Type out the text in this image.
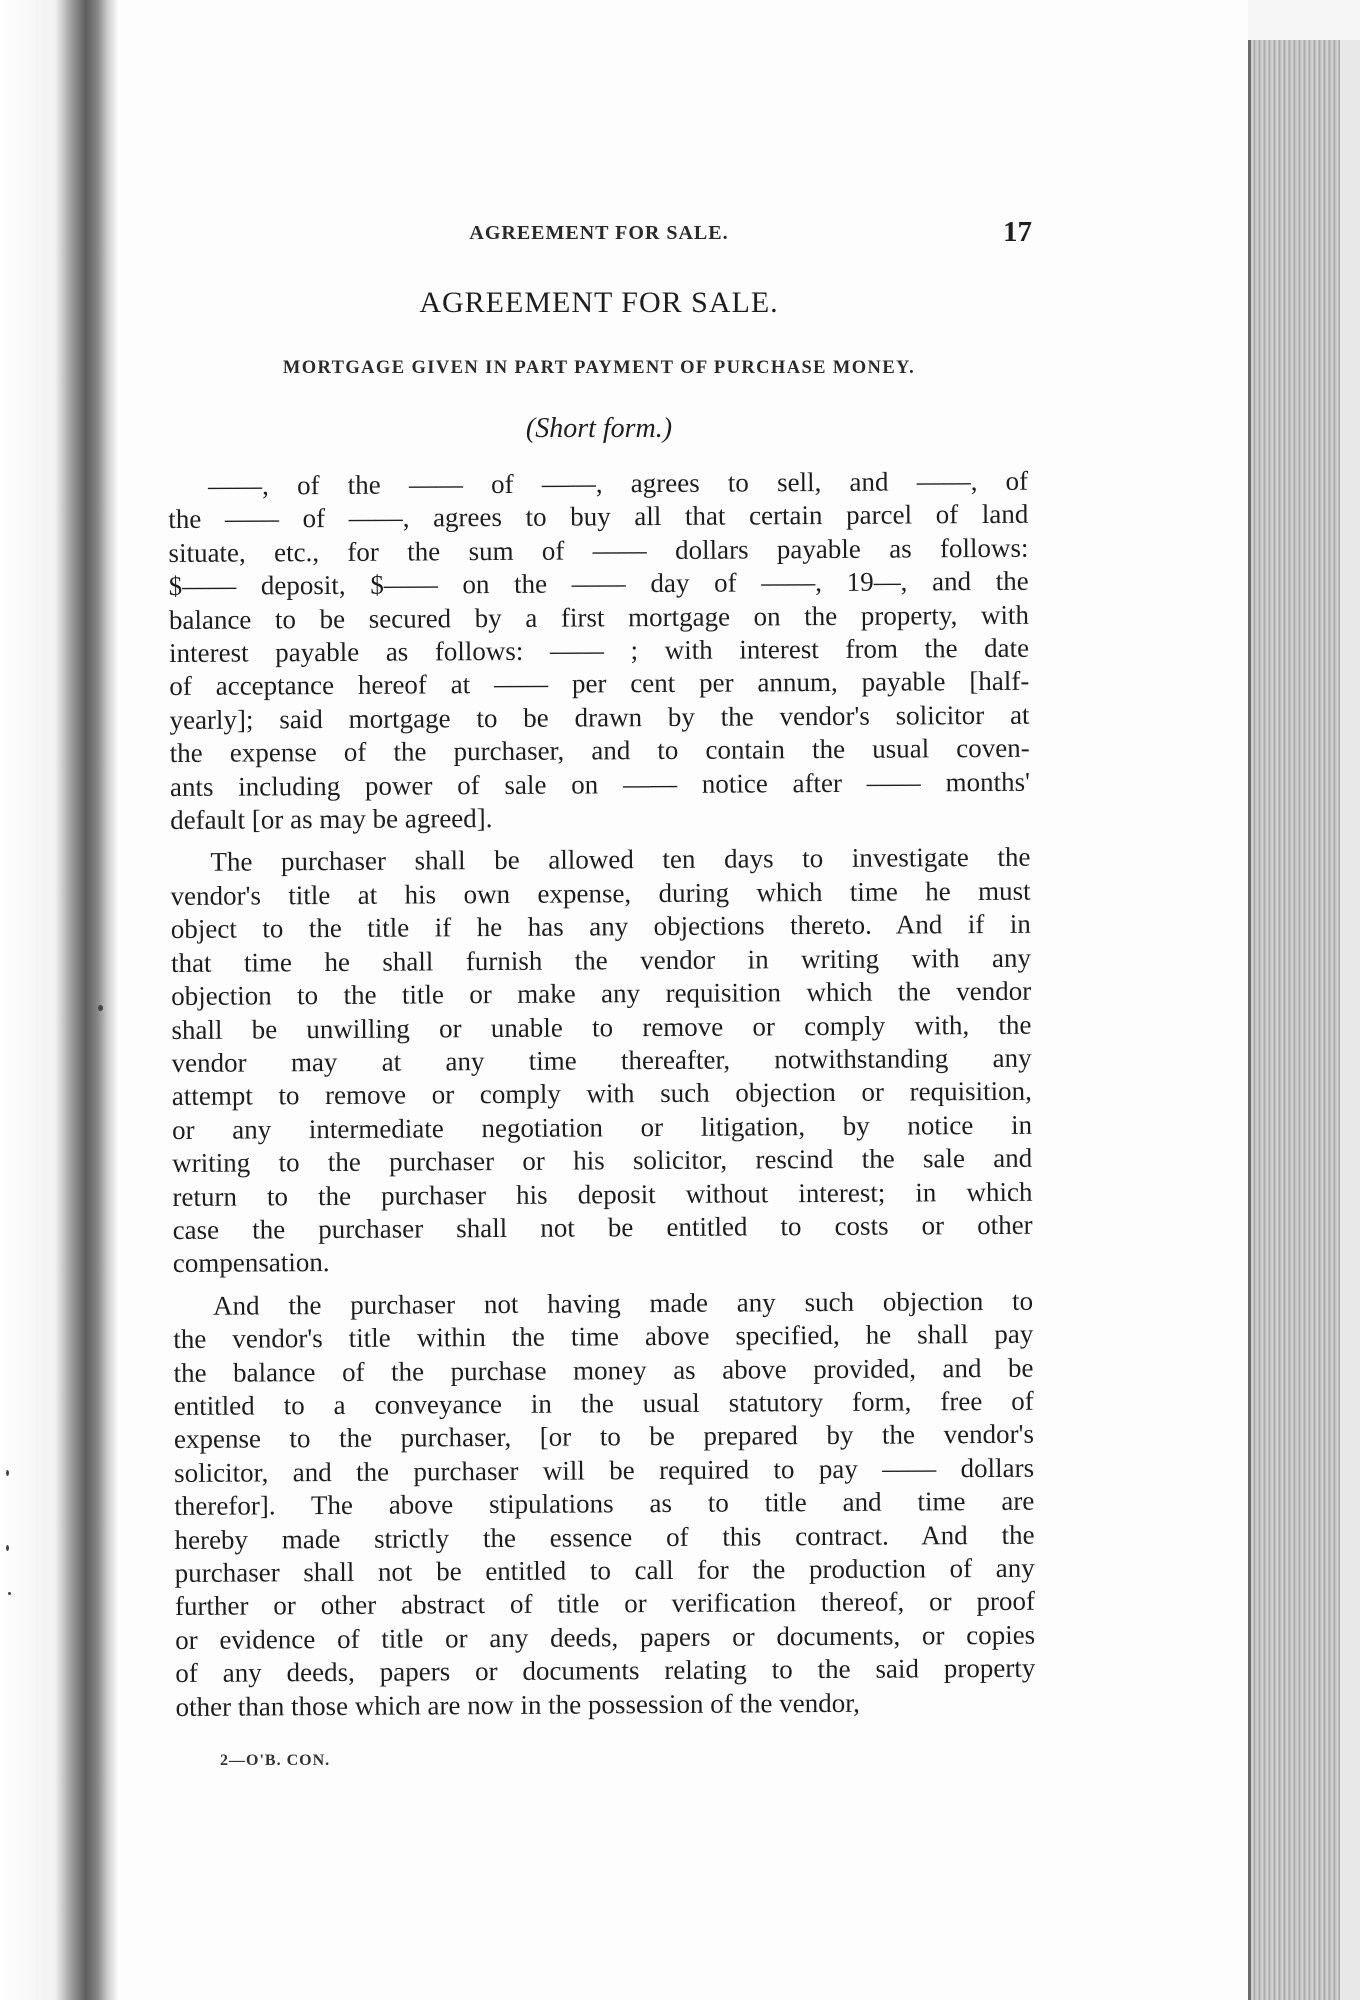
AGREEMENT FOR SALE.	17
AGREEMENT FOR SALE.
MORTGAGE GIVEN IN PART PAYMENT OF PURCHASE MONEY.
(Short form.)
——, of the —— of ——, agrees to sell, and ——, of
the —— of ——, agrees to buy all that certain parcel of land
situate, etc., for the sum of —— dollars payable as follows:
$—— deposit, $—— on the —— day of ——, 19—, and the
balance to be secured by a first mortgage on the property, with
interest payable as follows: —— ; with interest from the date
of acceptance hereof at —— per cent per annum, payable [half-
yearly]; said mortgage to be drawn by the vendor's solicitor at
the expense of the purchaser, and to contain the usual coven-
ants including power of sale on —— notice after —— months'
default [or as may be agreed].
The purchaser shall be allowed ten days to investigate the
vendor's title at his own expense, during which time he must
object to the title if he has any objections thereto. And if in
that time he shall furnish the vendor in writing with any
objection to the title or make any requisition which the vendor
shall be unwilling or unable to remove or comply with, the
vendor may at any time thereafter, notwithstanding any
attempt to remove or comply with such objection or requisition,
or any intermediate negotiation or litigation, by notice in
writing to the purchaser or his solicitor, rescind the sale and
return to the purchaser his deposit without interest; in which
case the purchaser shall not be entitled to costs or other
compensation.
And the purchaser not having made any such objection to
the vendor's title within the time above specified, he shall pay
the balance of the purchase money as above provided, and be
entitled to a conveyance in the usual statutory form, free of
expense to the purchaser, [or to be prepared by the vendor's
solicitor, and the purchaser will be required to pay —— dollars
therefor]. The above stipulations as to title and time are
hereby made strictly the essence of this contract. And the
purchaser shall not be entitled to call for the production of any
further or other abstract of title or verification thereof, or proof
or evidence of title or any deeds, papers or documents, or copies
of any deeds, papers or documents relating to the said property
other than those which are now in the possession of the vendor,
2—O'B. CON.
